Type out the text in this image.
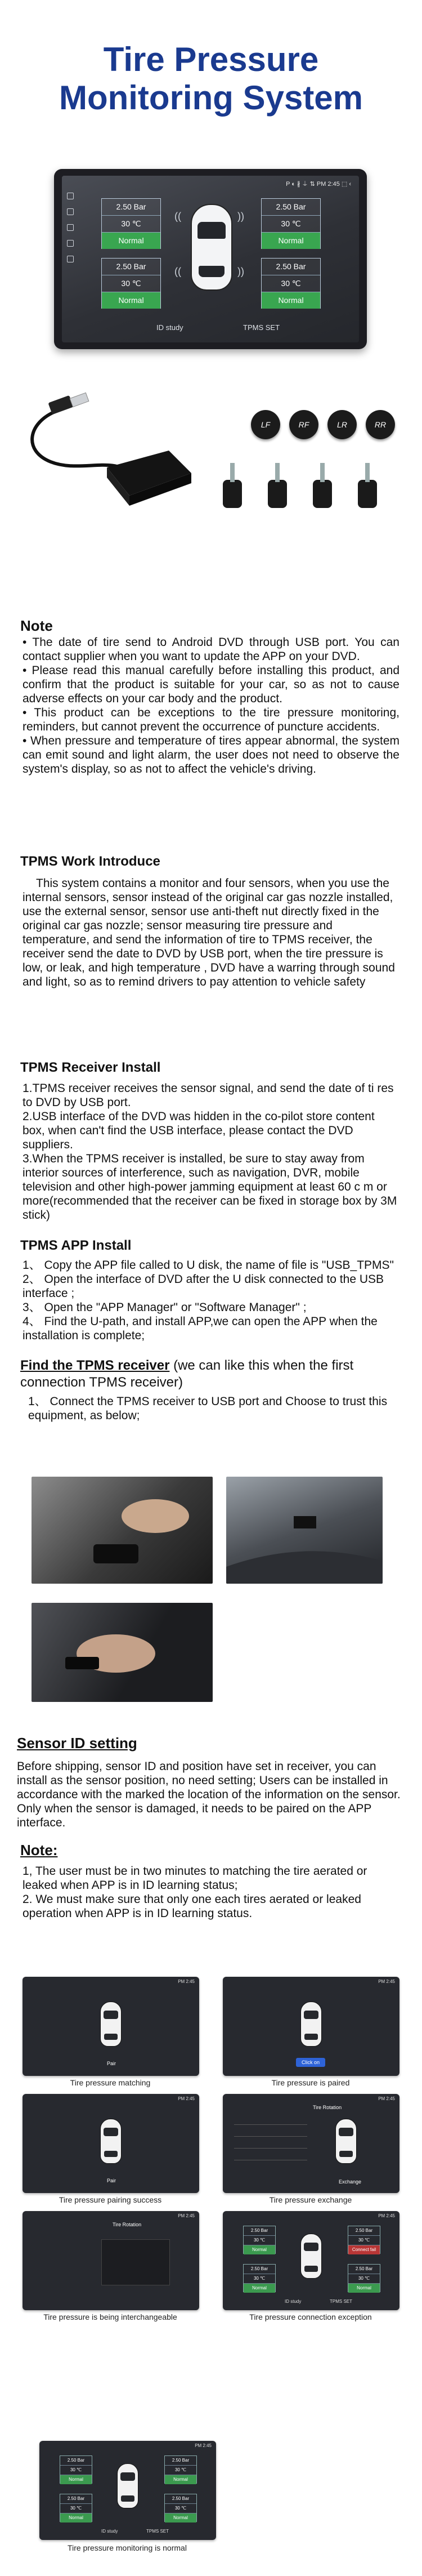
Tire Pressure
Monitoring System
P ◐ ∦ ⏚ ⇅ PM 2:45 ⬚ ‹
2.50 Bar
30 ℃
Normal
2.50 Bar
30 ℃
Normal
2.50 Bar
30 ℃
Normal
2.50 Bar
30 ℃
Normal
((	))
((	))
ID study	TPMS SET
LF	RF	LR	RR
Note

• The date of tire send to Android DVD through USB port. You can contact supplier when you want to update the APP on your DVD.

• Please read this manual carefully before installing this product, and confirm that the product is suitable for your car, so as not to cause adverse effects on your car body and the product.

• This product can be exceptions to the tire pressure monitoring, reminders, but cannot prevent the occurrence of puncture accidents.

• When pressure and temperature of tires appear abnormal, the system can emit sound and light alarm, the user does not need to observe the system's display, so as not to affect the vehicle's driving.

TPMS Work Introduce
This system contains a monitor and four sensors, when you use the internal sensors, sensor instead of the original car gas nozzle installed, use the external sensor, sensor use anti-theft nut directly fixed in the original car gas nozzle; sensor measuring tire pressure and temperature, and send the information of tire to TPMS receiver, the receiver send the date to DVD by USB port, when the tire pressure is low, or leak, and high temperature , DVD have a warring through sound and light, so as to remind drivers to pay attention to vehicle safety
TPMS Receiver Install

1.TPMS receiver receives the sensor signal, and send the date of ti res to DVD by USB port.

2.USB interface of the DVD was hidden in the co-pilot store content box, when can't find the USB interface, please contact the DVD suppliers.

3.When the TPMS receiver is installed, be sure to stay away from interior sources of interference, such as navigation, DVR, mobile television and other high-power jamming equipment at least 60 c m or more(recommended that the receiver can be fixed in storage box by 3M stick)

TPMS APP Install

1、 Copy the APP file called to U disk, the name of file is "USB_TPMS"

2、 Open the interface of DVD after the U disk connected to the USB interface ;

3、 Open the "APP Manager" or "Software Manager" ;

4、 Find the U-path, and install APP,we can open the APP when the installation is complete;

Find the TPMS receiver (we can like this when the first connection TPMS receiver)
1、 Connect the TPMS receiver to USB port and Choose to trust this equipment, as below;
Sensor ID setting
Before shipping, sensor ID and position have set in receiver, you can install as the sensor position, no need setting; Users can be installed in accordance with the marked the location of the information on the sensor. Only when the sensor is damaged, it needs to be paired on the APP interface.
Note:

1, The user must be in two minutes to matching the tire aerated or leaked when APP is in ID learning status;

2. We must make sure that only one each tires aerated or leaked operation when APP is in ID learning status.

PM 2:45
Pair
Tire pressure matching
PM 2:45
Click on
Tire pressure is paired
PM 2:45
Pair
Tire pressure pairing success
PM 2:45
Tire Rotation
Exchange
Tire pressure exchange
PM 2:45
Tire Rotation
Tire pressure is being interchangeable
PM 2:45
2.50 Bar
30 ℃
Normal
2.50 Bar
30 ℃
Connect fail
2.50 Bar
30 ℃
Normal
2.50 Bar
30 ℃
Normal
ID study	TPMS SET
Tire pressure connection exception
PM 2:45
2.50 Bar
30 ℃
Normal
2.50 Bar
30 ℃
Normal
2.50 Bar
30 ℃
Normal
2.50 Bar
30 ℃
Normal
ID study	TPMS SET
Tire pressure monitoring is normal
